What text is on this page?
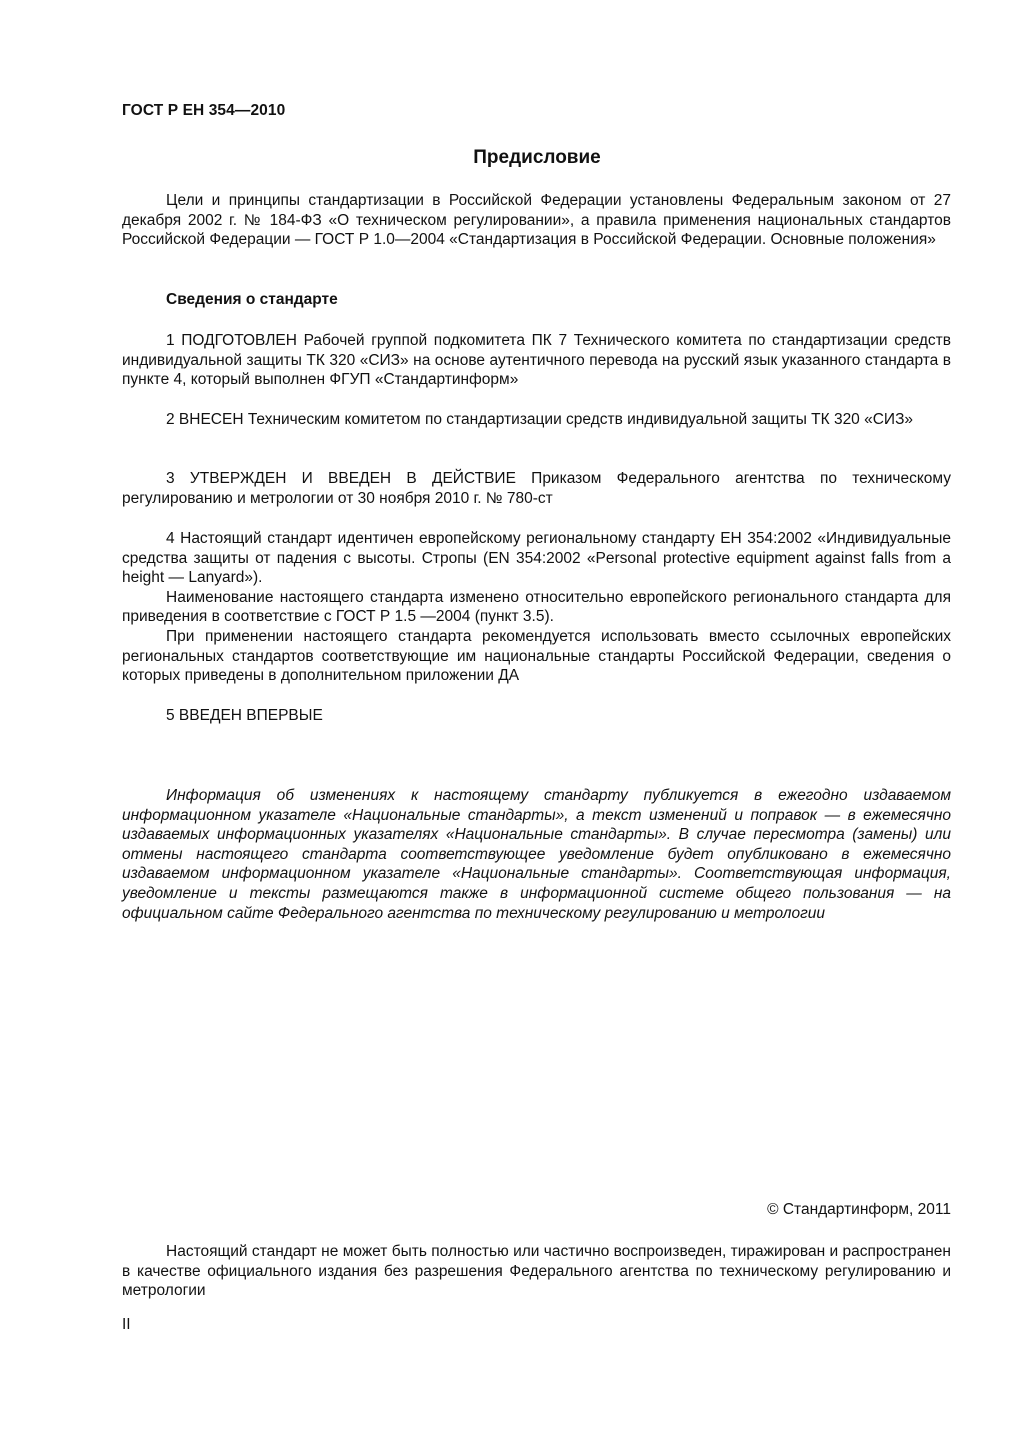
ГОСТ Р ЕН 354—2010
Предисловие

Цели и принципы стандартизации в Российской Федерации установлены Федеральным законом от 27 декабря 2002 г. № 184-ФЗ «О техническом регулировании», а правила применения национальных стандартов Российской Федерации — ГОСТ Р 1.0—2004 «Стандартизация в Российской Федерации. Основные положения»

Сведения о стандарте

1 ПОДГОТОВЛЕН Рабочей группой подкомитета ПК 7 Технического комитета по стандартизации средств индивидуальной защиты ТК 320 «СИЗ» на основе аутентичного перевода на русский язык указанного стандарта в пункте 4, который выполнен ФГУП «Стандартинформ»

2 ВНЕСЕН Техническим комитетом по стандартизации средств индивидуальной защиты ТК 320 «СИЗ»

3 УТВЕРЖДЕН И ВВЕДЕН В ДЕЙСТВИЕ Приказом Федерального агентства по техническому регулированию и метрологии от 30 ноября 2010 г. № 780-ст

4 Настоящий стандарт идентичен европейскому региональному стандарту ЕН 354:2002 «Индивидуальные средства защиты от падения с высоты. Стропы (EN 354:2002 «Personal protective equipment against falls from a height — Lanyard»).

Наименование настоящего стандарта изменено относительно европейского регионального стандарта для приведения в соответствие с ГОСТ Р 1.5 —2004 (пункт 3.5).

При применении настоящего стандарта рекомендуется использовать вместо ссылочных европейских региональных стандартов соответствующие им национальные стандарты Российской Федерации, сведения о которых приведены в дополнительном приложении ДА

5 ВВЕДЕН ВПЕРВЫЕ

Информация об изменениях к настоящему стандарту публикуется в ежегодно издаваемом информационном указателе «Национальные стандарты», а текст изменений и поправок — в ежемесячно издаваемых информационных указателях «Национальные стандарты». В случае пересмотра (замены) или отмены настоящего стандарта соответствующее уведомление будет опубликовано в ежемесячно издаваемом информационном указателе «Национальные стандарты». Соответствующая информация, уведомление и тексты размещаются также в информационной системе общего пользования — на официальном сайте Федерального агентства по техническому регулированию и метрологии

© Стандартинформ, 2011

Настоящий стандарт не может быть полностью или частично воспроизведен, тиражирован и распространен в качестве официального издания без разрешения Федерального агентства по техническому регулированию и метрологии

II
